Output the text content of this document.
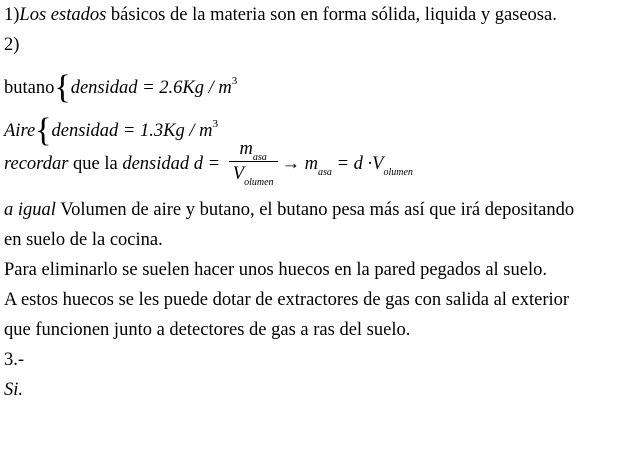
1)Los estados básicos de la materia son en forma sólida, liquida y gaseosa.
2)
butano{densidad = $2.6Kg / m^3$
Aire{densidad = $1.3Kg / m^3$
recordar que la densidad $d = \frac{m_{asa}}{V_{olumen}} \to m_{asa} = d \cdot V_{olumen}$
a igual Volumen de aire y butano, el butano pesa más así que irá depositando
en suelo de la cocina.
Para eliminarlo se suelen hacer unos huecos en la pared pegados al suelo.
A estos huecos se les puede dotar de extractores de gas con salida al exterior
que funcionen junto a detectores de gas a ras del suelo.
3.-
Si.
